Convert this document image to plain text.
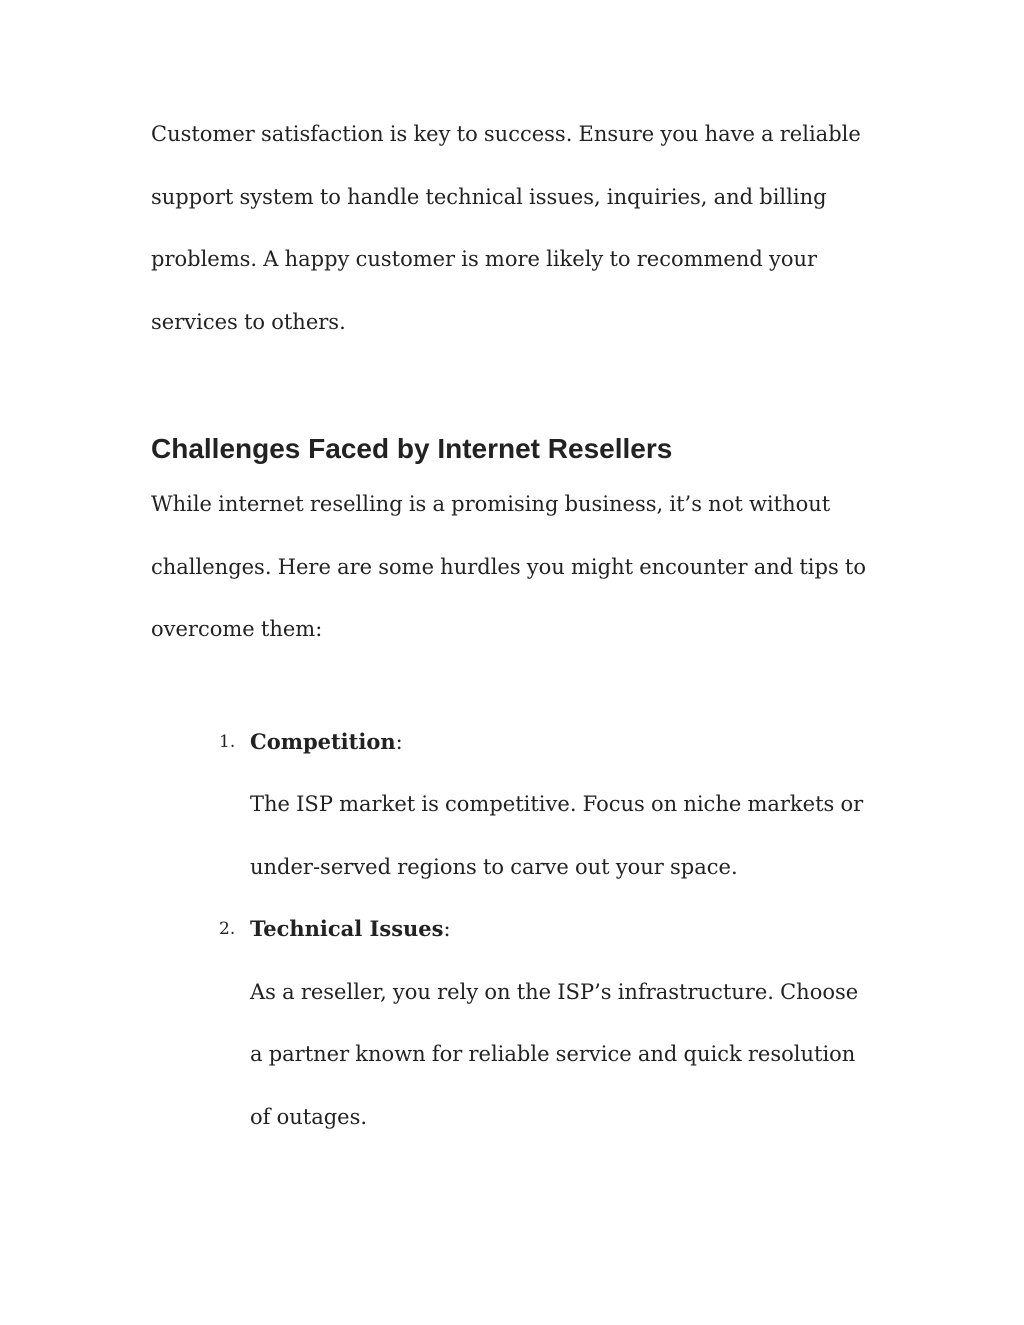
Customer satisfaction is key to success. Ensure you have a reliable support system to handle technical issues, inquiries, and billing problems. A happy customer is more likely to recommend your services to others.

Challenges Faced by Internet Resellers

While internet reselling is a promising business, it’s not without challenges. Here are some hurdles you might encounter and tips to overcome them:

1. Competition:

The ISP market is competitive. Focus on niche markets or under-served regions to carve out your space.

2. Technical Issues:

As a reseller, you rely on the ISP’s infrastructure. Choose a partner known for reliable service and quick resolution of outages.
